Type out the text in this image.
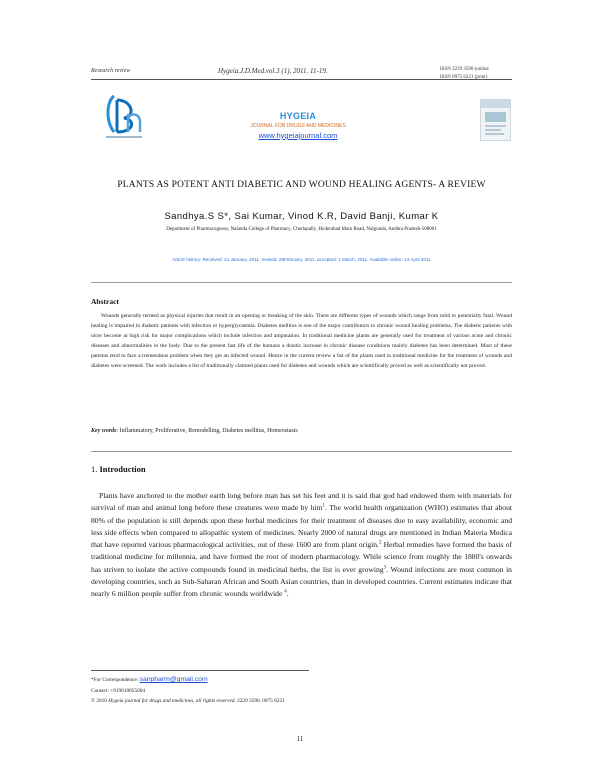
Research review	Hygeia.J.D.Med.vol.3 (1), 2011. 11-19.	ISSN 2229 3590 (online
ISSN 0975 6221 (print)
HYGEIA
JOURNAL FOR DRUGS AND MEDICINES
www.hygeiajournal.com
PLANTS AS POTENT ANTI DIABETIC AND WOUND HEALING AGENTS- A REVIEW
Sandhya.S S*, Sai Kumar, Vinod K.R, David Banji, Kumar K
Department of Pharmacognosy, Nalanda College of Pharmacy, Cherlapally, Hyderabad Main Road, Nalgonda, Andhra Pradesh-508001
Article history: Received: 21 January, 2011, revised: 28February, 2011, accepted: 1 March, 2011, Available online: 14 April 2011
Abstract
Wounds generally termed as physical injuries that result in an opening or breaking of the skin. There are different types of wounds which range from mild to potentially fatal. Wound healing is impaired in diabetic patients with infection or hyperglycaemia. Diabetes mellitus is one of the major contributors to chronic wound healing problems. The diabetic patients with ulcer become at high risk for major complications which include infection and amputation. In traditional medicine plants are generally used for treatment of various acute and chronic diseases and abnormalities in the body. Due to the present fast life of the humans a drastic increase in chronic disease conditions mainly diabetes has been determined. Most of these patients tend to face a tremendous problem when they get an infected wound. Hence in the current review a list of the plants used in traditional medicine for the treatment of wounds and diabetes were screened. The work includes a list of traditionally claimed plants used for diabetes and wounds which are scientifically proved as well as scientifically not proved.
Key words: Inflammatory, Proliferative, Remodelling, Diabetes mellitus, Homeostasis
1. Introduction
Plants have anchored to the mother earth long before man has set his feet and it is said that god had endowed them with materials for survival of man and animal long before these creatures were made by him$^1$. The world health organization (WHO) estimates that about 80% of the population is still depends upon these herbal medicines for their treatment of diseases due to easy availability, economic and less side effects when compared to allopathic system of medicines. Nearly 2000 of natural drugs are mentioned in Indian Materia Medica that have reported various pharmacological activities, out of these 1600 are from plant origin.$^2$ Herbal remedies have formed the basis of traditional medicine for millennia, and have formed the root of modern pharmacology. While science from roughly the 1880's onwards has striven to isolate the active compounds found in medicinal herbs, the list is ever growing$^3$. Wound infections are most common in developing countries, such as Sub-Saharan African and South Asian countries, than in developed countries. Current estimates indicate that nearly 6 million people suffer from chronic wounds worldwide $^4$.
*For Correspondence: sanpharm@gmail.com
Contact: +919010055004
© 2010 Hygeia journal for drugs and medicines, all rights reserved. 2229 3590, 0975 6221
11
